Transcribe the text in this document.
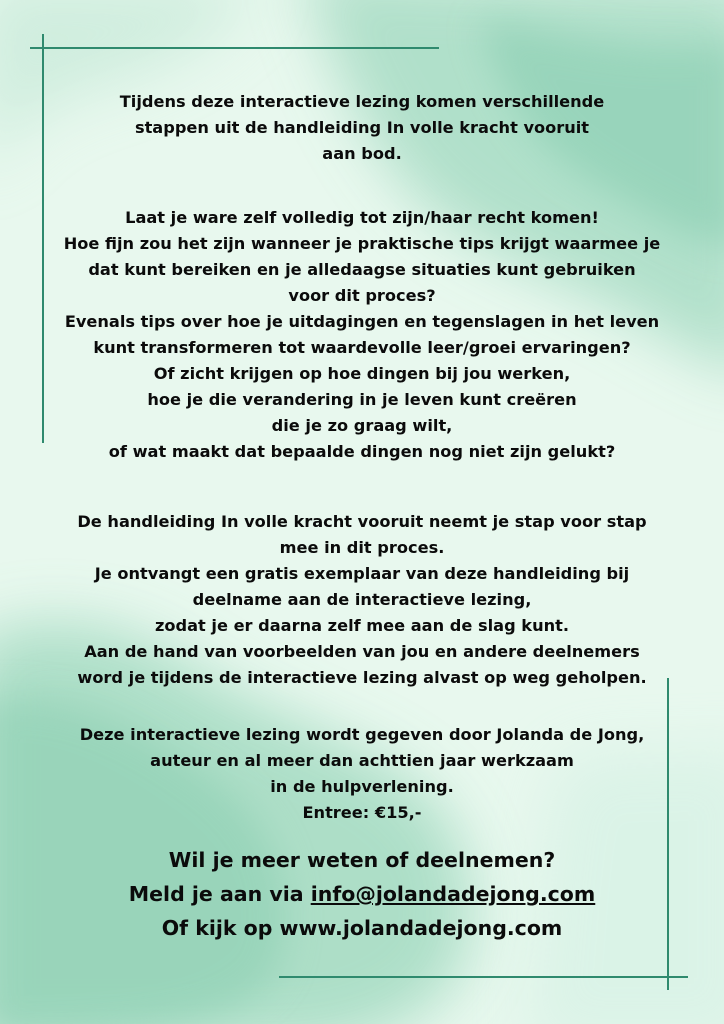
Tijdens deze interactieve lezing komen verschillende
stappen uit de handleiding In volle kracht vooruit
aan bod.
Laat je ware zelf volledig tot zijn/haar recht komen!
Hoe fijn zou het zijn wanneer je praktische tips krijgt waarmee je
dat kunt bereiken en je alledaagse situaties kunt gebruiken
voor dit proces?
Evenals tips over hoe je uitdagingen en tegenslagen in het leven
kunt transformeren tot waardevolle leer/groei ervaringen?
Of zicht krijgen op hoe dingen bij jou werken,
hoe je die verandering in je leven kunt creëren
die je zo graag wilt,
of wat maakt dat bepaalde dingen nog niet zijn gelukt?
De handleiding In volle kracht vooruit neemt je stap voor stap
mee in dit proces.
Je ontvangt een gratis exemplaar van deze handleiding bij
deelname aan de interactieve lezing,
zodat je er daarna zelf mee aan de slag kunt.
Aan de hand van voorbeelden van jou en andere deelnemers
word je tijdens de interactieve lezing alvast op weg geholpen.
Deze interactieve lezing wordt gegeven door Jolanda de Jong,
auteur en al meer dan achttien jaar werkzaam
in de hulpverlening.
Entree: €15,-
Wil je meer weten of deelnemen?
Meld je aan via info@jolandadejong.com
Of kijk op www.jolandadejong.com
